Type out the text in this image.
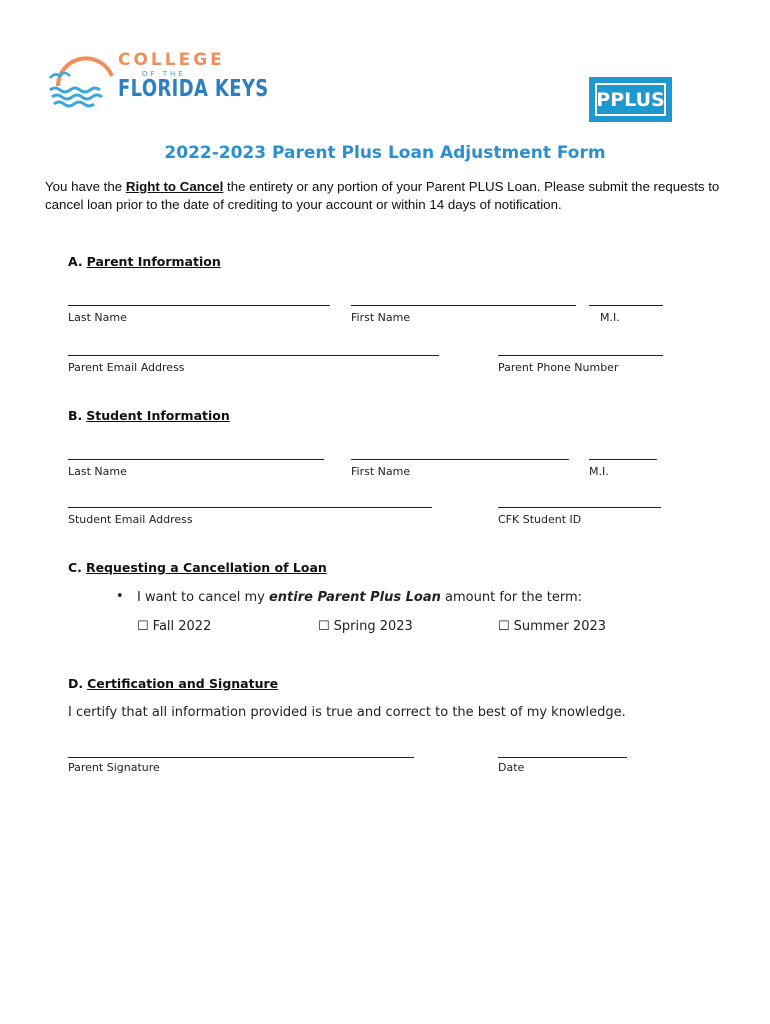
COLLEGE
OF THE
FLORIDA KEYS	PPLUS
2022-2023 Parent Plus Loan Adjustment Form
You have the Right to Cancel the entirety or any portion of your Parent PLUS Loan. Please submit the requests to cancel loan prior to the date of crediting to your account or within 14 days of notification.
A. Parent Information
Last Name	First Name	M.I.
Parent Email Address	Parent Phone Number
B. Student Information
Last Name	First Name	M.I.
Student Email Address	CFK Student ID
C. Requesting a Cancellation of Loan
• I want to cancel my entire Parent Plus Loan amount for the term:
☐ Fall 2022	☐ Spring 2023	☐ Summer 2023
D. Certification and Signature
I certify that all information provided is true and correct to the best of my knowledge.
Parent Signature	Date
